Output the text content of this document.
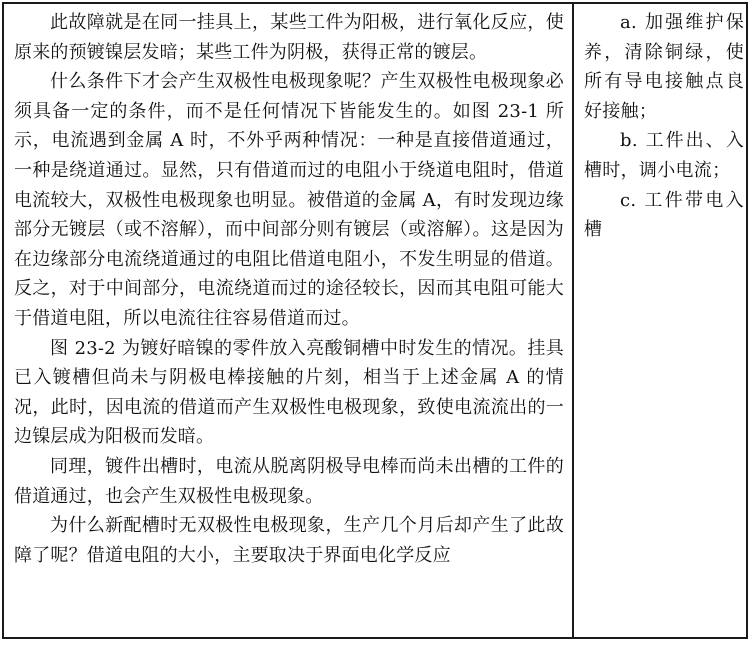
此故障就是在同一挂具上，某些工件为阳极，进行氧化反应，使原来的预镀镍层发暗；某些工件为阴极，获得正常的镀层。

什么条件下才会产生双极性电极现象呢？产生双极性电极现象必须具备一定的条件，而不是任何情况下皆能发生的。如图 23-1 所示，电流遇到金属 A 时，不外乎两种情况：一种是直接借道通过，一种是绕道通过。显然，只有借道而过的电阻小于绕道电阻时，借道电流较大，双极性电极现象也明显。被借道的金属 A，有时发现边缘部分无镀层（或不溶解），而中间部分则有镀层（或溶解）。这是因为在边缘部分电流绕道通过的电阻比借道电阻小，不发生明显的借道。反之，对于中间部分，电流绕道而过的途径较长，因而其电阻可能大于借道电阻，所以电流往往容易借道而过。

图 23-2 为镀好暗镍的零件放入亮酸铜槽中时发生的情况。挂具已入镀槽但尚未与阴极电棒接触的片刻，相当于上述金属 A 的情况，此时，因电流的借道而产生双极性电极现象，致使电流流出的一边镍层成为阳极而发暗。

同理，镀件出槽时，电流从脱离阴极导电棒而尚未出槽的工件的借道通过，也会产生双极性电极现象。

为什么新配槽时无双极性电极现象，生产几个月后却产生了此故障了呢？借道电阻的大小，主要取决于界面电化学反应

a. 加强维护保养，清除铜绿，使所有导电接触点良好接触；

b. 工件出、入槽时，调小电流；

c. 工件带电入槽
